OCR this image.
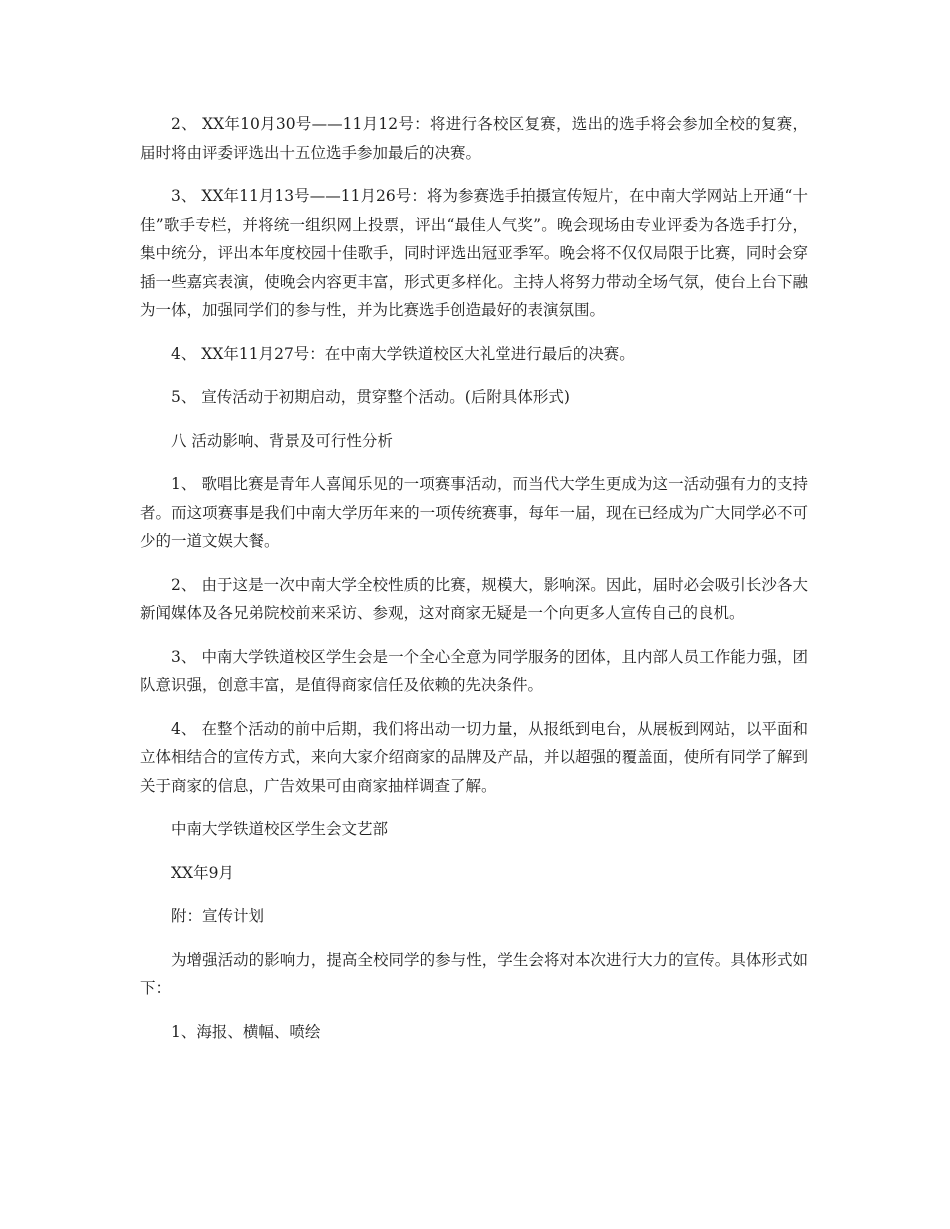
2、 XX年10月30号——11月12号：将进行各校区复赛，选出的选手将会参加全校的复赛，届时将由评委评选出十五位选手参加最后的决赛。

3、 XX年11月13号——11月26号：将为参赛选手拍摄宣传短片，在中南大学网站上开通“十佳”歌手专栏，并将统一组织网上投票，评出“最佳人气奖”。晚会现场由专业评委为各选手打分，集中统分，评出本年度校园十佳歌手，同时评选出冠亚季军。晚会将不仅仅局限于比赛，同时会穿插一些嘉宾表演，使晚会内容更丰富，形式更多样化。主持人将努力带动全场气氛，使台上台下融为一体，加强同学们的参与性，并为比赛选手创造最好的表演氛围。

4、 XX年11月27号：在中南大学铁道校区大礼堂进行最后的决赛。

5、 宣传活动于初期启动，贯穿整个活动。(后附具体形式)

八 活动影响、背景及可行性分析

1、 歌唱比赛是青年人喜闻乐见的一项赛事活动，而当代大学生更成为这一活动强有力的支持者。而这项赛事是我们中南大学历年来的一项传统赛事，每年一届，现在已经成为广大同学必不可少的一道文娱大餐。

2、 由于这是一次中南大学全校性质的比赛，规模大，影响深。因此，届时必会吸引长沙各大新闻媒体及各兄弟院校前来采访、参观，这对商家无疑是一个向更多人宣传自己的良机。

3、 中南大学铁道校区学生会是一个全心全意为同学服务的团体，且内部人员工作能力强，团队意识强，创意丰富，是值得商家信任及依赖的先决条件。

4、 在整个活动的前中后期，我们将出动一切力量，从报纸到电台，从展板到网站，以平面和立体相结合的宣传方式，来向大家介绍商家的品牌及产品，并以超强的覆盖面，使所有同学了解到关于商家的信息，广告效果可由商家抽样调查了解。

中南大学铁道校区学生会文艺部

XX年9月

附：宣传计划

为增强活动的影响力，提高全校同学的参与性，学生会将对本次进行大力的宣传。具体形式如下：

1、海报、横幅、喷绘
